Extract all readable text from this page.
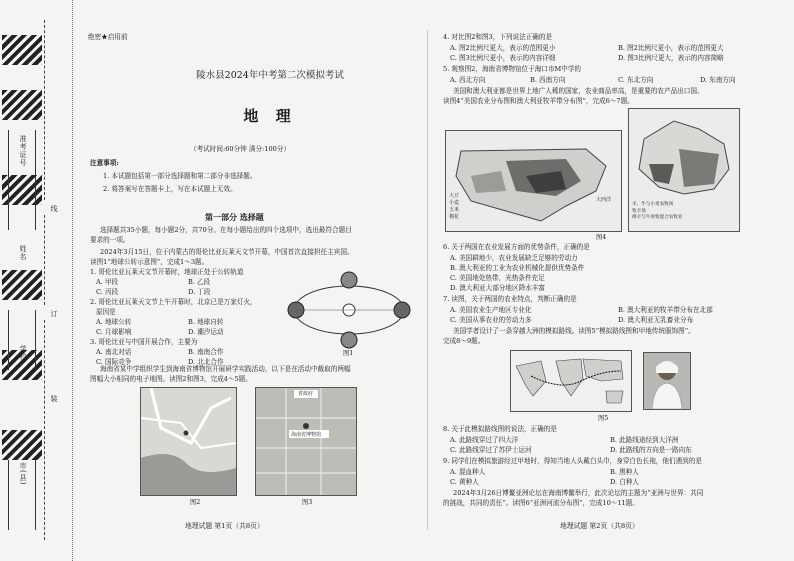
准考证号
姓名
学校
市(县)
线
订
装
绝密★启用前
陵水县2024年中考第二次模拟考试
地 理
（考试时间:60分钟 满分:100分）
注意事项:
1. 本试题包括第一部分选择题和第二部分非选择题。
2. 将答案写在答题卡上，写在本试题上无效。
第一部分 选择题
选择题共35小题，每小题2分，共70分。在每小题给出的四个选项中，选出最符合题目
要求的一项。
2024年3月15日，位于内蒙古的哥伦比亚瓦莱天文节开幕，中国首次直接担任主宾国。
读图1“地球公转示意图”，完成1～3题。
1. 哥伦比亚瓦莱天文节开幕时，地球正处于公转轨道
A. 甲段	B. 乙段
C. 丙段	D. 丁段
2. 哥伦比亚瓦莱天文节上午开幕时，北京已是万家灯火，
原因是
A. 地球公转	B. 地球自转
C. 月球影响	D. 潮汐运动
3. 哥伦比亚与中国开展合作，主要为
A. 南北对话	B. 南南合作
C. 国际竞争	D. 北北合作
图1
海南省某中学组织学生到海南省博物馆开展研学实践活动，以下是在活动中截取的两幅
图幅大小相同的电子地图。读图2和图3，完成4～5题。
图2
省政府
海南省博物馆
图3
地理试题 第1页（共8页）
4. 对比图2和图3，下列说法正确的是
A. 图2比例尺更大，表示的范围更小	B. 图2比例尺更小，表示的范围更大
C. 图3比例尺更小，表示的内容详细	D. 图3比例尺更大，表示的内容简略
5. 观察图2，海南省博物馆位于海口市M中学的
A. 西北方向	B. 西南方向	C. 东北方向	D. 东南方向
美国和澳大利亚都是世界上地广人稀的国家，农业商品率高，是重要的农产品出口国。
读图4“美国农业分布图和澳大利亚牧羊带分布图”，完成6～7题。
大豆
小麦
玉米
棉花
大西洋
羊、牛与小麦农牧场
牧羊场
绵羊与牛放牧混合农牧业
图4
6. 关于两国在农业发展方面的优势条件，正确的是
A. 美国耕地少，农业发展缺乏足够的劳动力
B. 澳大利亚的工业为农业机械化提供优势条件
C. 美国地处热带，光热条件充足
D. 澳大利亚大部分地区降水丰富
7. 读图，关于两国的农业特点，判断正确的是
A. 美国农业生产地区专业化	B. 澳大利亚的牧羊带分布在北部
C. 美国从事农业的劳动力多	D. 澳大利亚无乳畜业分布
美国学者设计了一条穿越大洲的模拟路线。读图5“模拟路线图和甲地传统服饰图”。
完成8～9题。
图5
8. 关于此模拟路线图的说法，正确的是
A. 此路线穿过了四大洋	B. 此路线途经到大洋洲
C. 此路线穿过了苏伊士运河	D. 此路线的方向是一路向东
9. 同学们在模拟旅游经过甲地时，得知当地人头戴白头巾，身穿白色长袍，他们遇到的是
A. 混血种人	B. 黑种人
C. 黄种人	D. 白种人
2024年3月26日博鳌亚洲论坛在海南博鳌举行，此次论坛的主题为“亚洲与世界：共同
的挑战，共同的责任”。读图6“亚洲河流分布图”，完成10～11题。
地理试题 第2页（共8页）
